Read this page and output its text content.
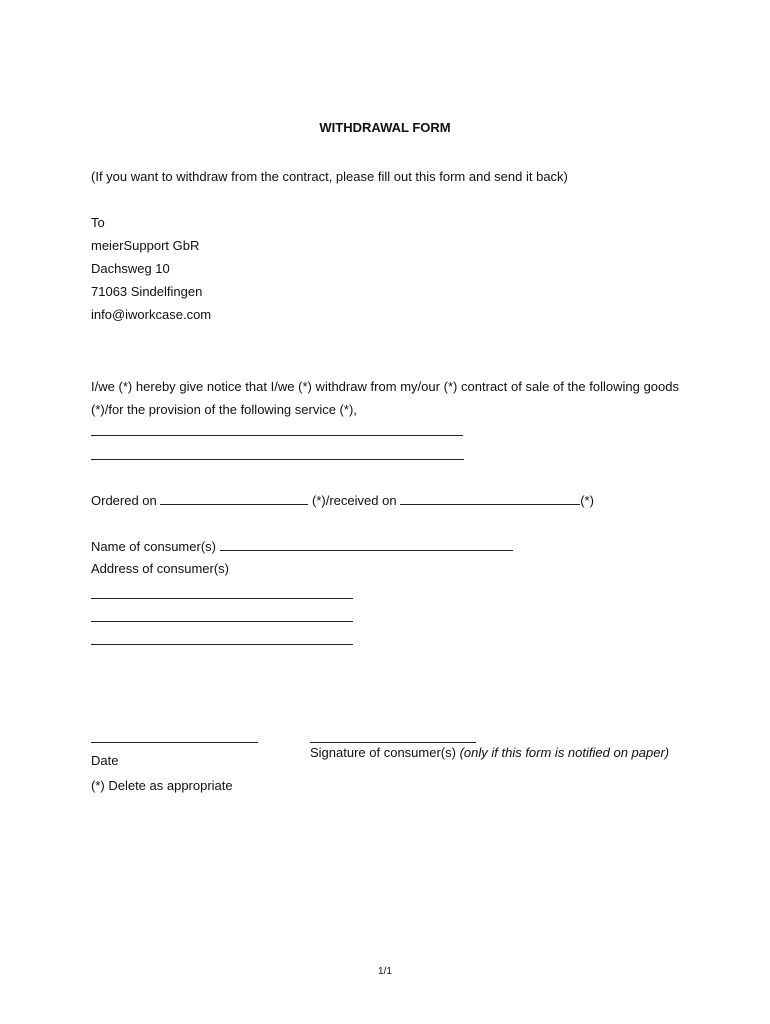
WITHDRAWAL FORM
(If you want to withdraw from the contract, please fill out this form and send it back)
To
meierSupport GbR
Dachsweg 10
71063 Sindelfingen
info@iworkcase.com
I/we (*) hereby give notice that I/we (*) withdraw from my/our (*) contract of sale of the following goods (*)/for the provision of the following service (*),
Ordered on	(*)/received on	(*)
Name of consumer(s)
Address of consumer(s)
Signature of consumer(s) (only if this form is notified on paper)
Date
(*) Delete as appropriate
1/1
